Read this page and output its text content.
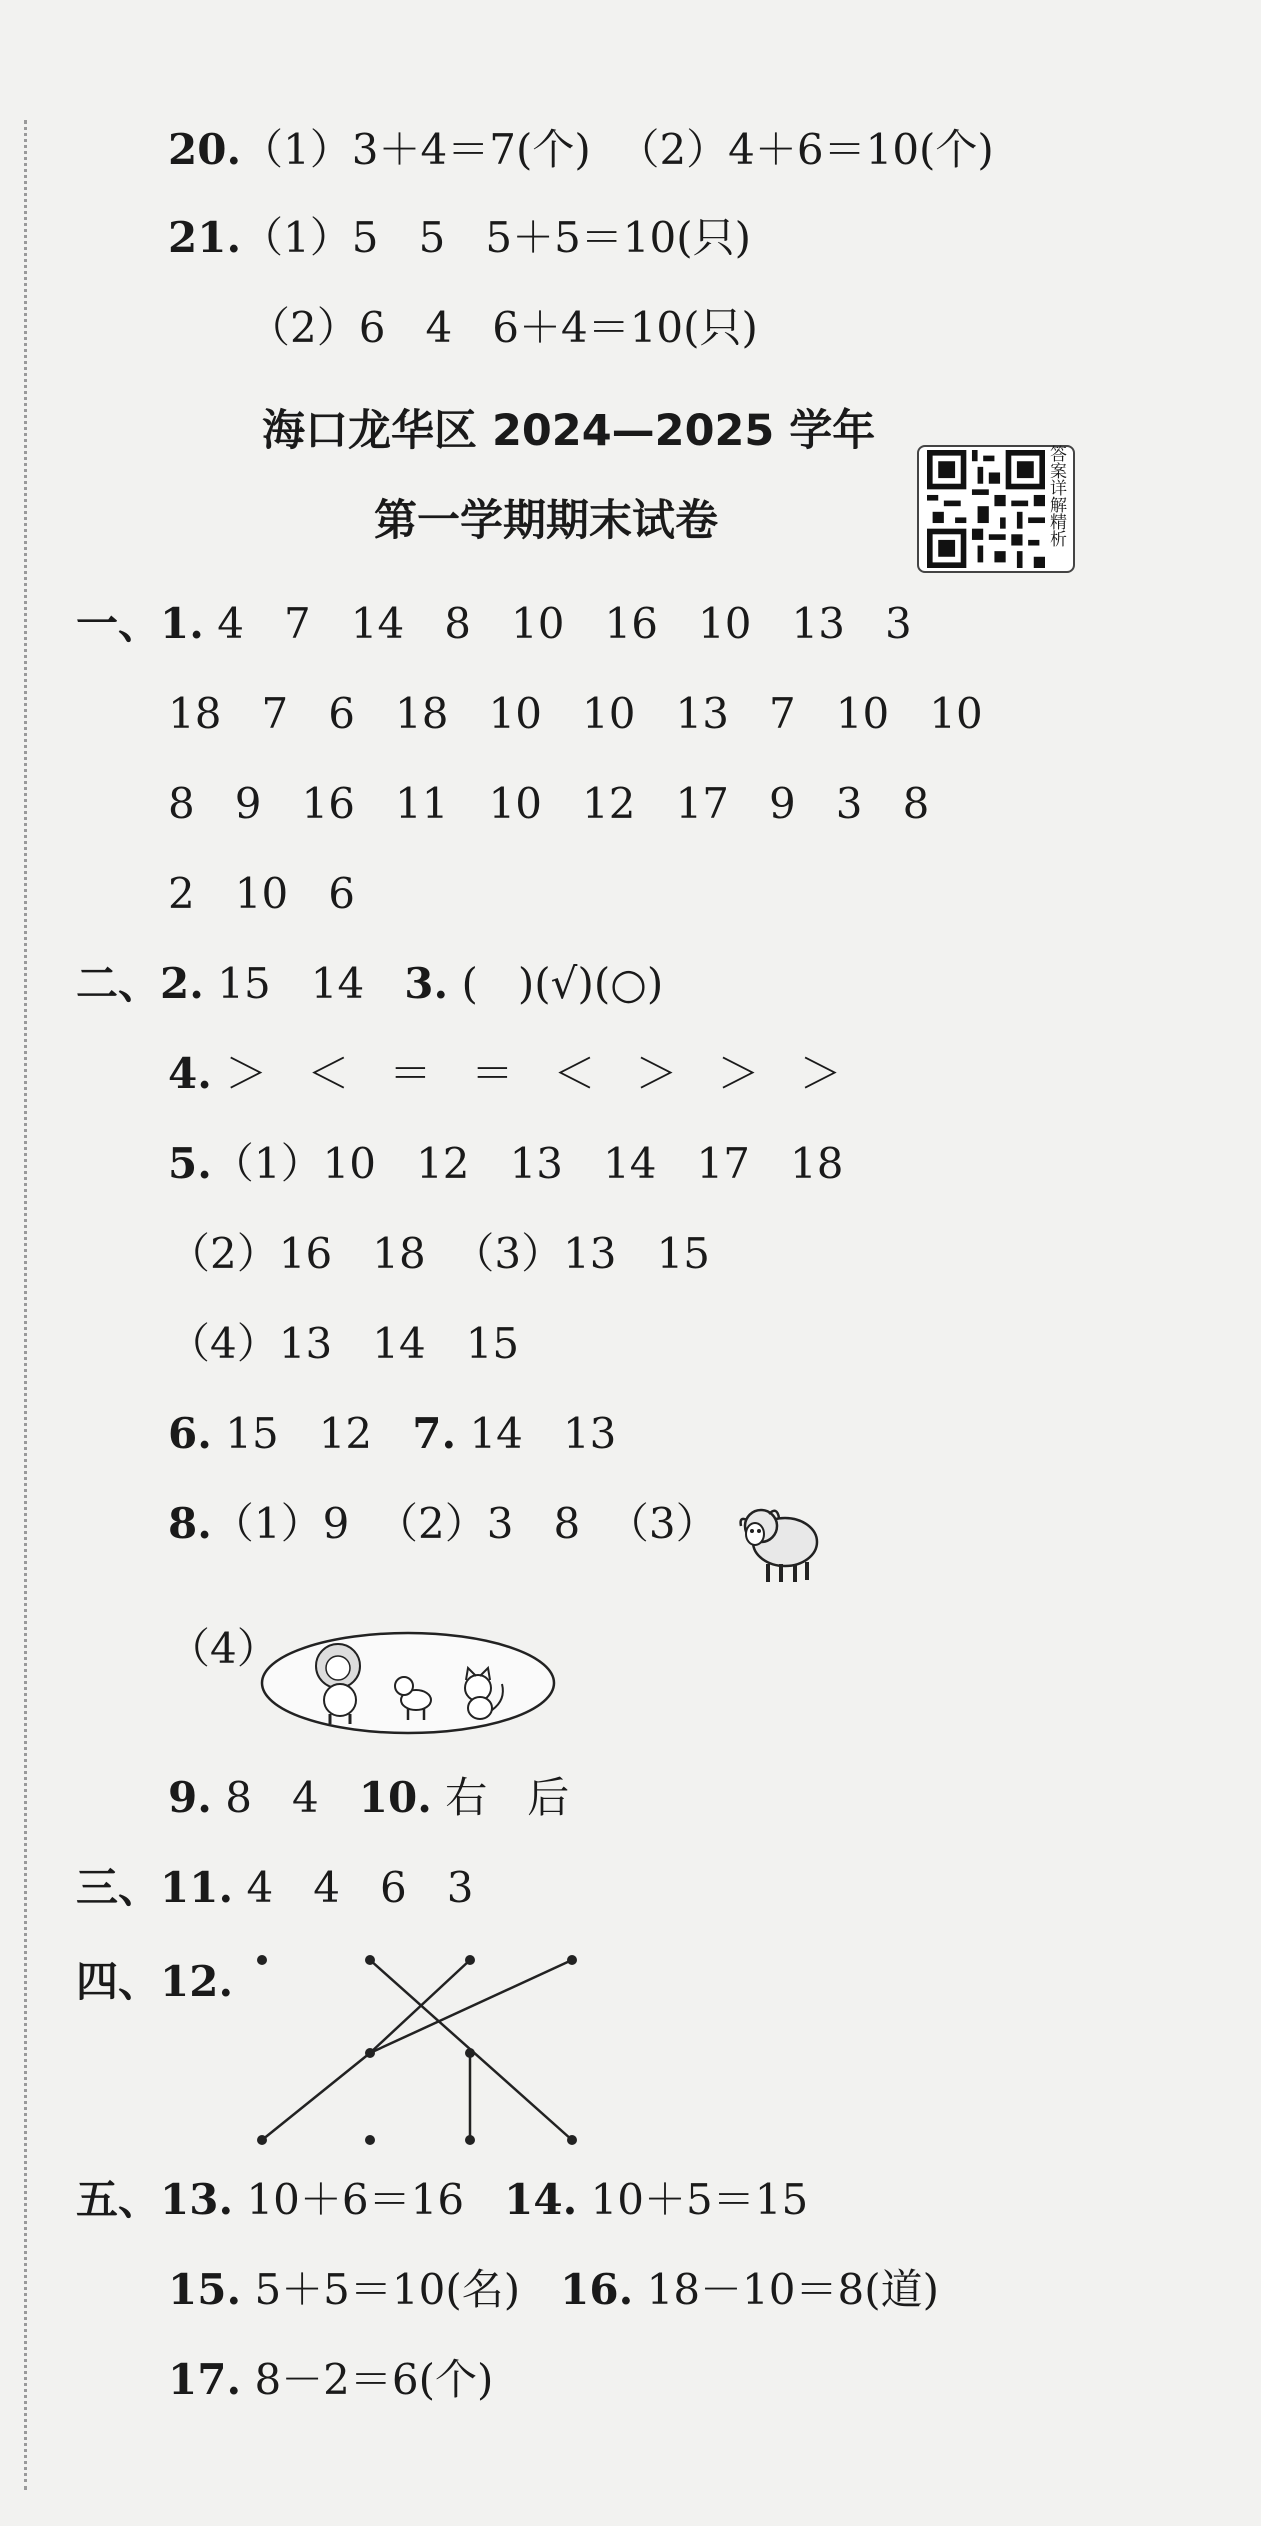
20.（1）3＋4＝7(个)  （2）4＋6＝10(个)
21.（1）5   5   5＋5＝10(只)
（2）6   4   6＋4＝10(只)
海口龙华区 2024—2025 学年
第一学期期末试卷	答案详解精析
一、1. 4   7   14   8   10   16   10   13   3
18   7   6   18   10   10   13   7   10   10
8   9   16   11   10   12   17   9   3   8
2   10   6
二、2. 15   14 3. (   )(√)(○)
4. ＞   ＜   ＝   ＝   ＜   ＞   ＞   ＞
5.（1）10   12   13   14   17   18
（2）16   18  （3）13   15
（4）13   14   15
6. 15   12 7. 14   13
8.（1）9  （2）3   8  （3）
（4）
9. 8   4 10. 右   后
三、11. 4   4   6   3
四、12.
五、13. 10＋6＝16 14. 10＋5＝15
15. 5＋5＝10(名) 16. 18－10＝8(道)
17. 8－2＝6(个)
